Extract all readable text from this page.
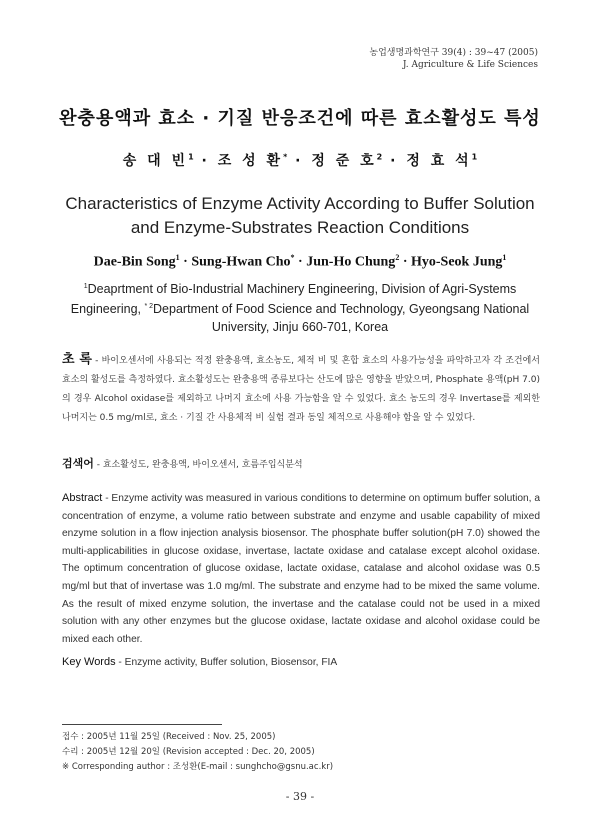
농업생명과학연구 39(4) : 39~47 (2005)
J. Agriculture & Life Sciences
완충용액과 효소 · 기질 반응조건에 따른 효소활성도 특성
송 대 빈$^1$ · 조 성 환* · 정 준 호$^2$ · 정 효 석$^1$
Characteristics of Enzyme Activity According to Buffer Solution
and Enzyme-Substrates Reaction Conditions
Dae-Bin Song$^1$ · Sung-Hwan Cho* · Jun-Ho Chung$^2$ · Hyo-Seok Jung$^1$
$^1$Deaprtment of Bio-Industrial Machinery Engineering, Division of Agri-Systems Engineering, $^{* 2}$Department of Food Science and Technology, Gyeongsang National University, Jinju 660-701, Korea
초 록 - 바이오센서에 사용되는 적정 완충용액, 효소농도, 체적 비 및 혼합 효소의 사용가능성을 파악하고자 각 조건에서 효소의 활성도를 측정하였다. 효소활성도는 완충용액 종류보다는 산도에 많은 영향을 받았으며, Phosphate 용액(pH 7.0)의 경우 Alcohol oxidase를 제외하고 나머지 효소에 사용 가능함을 알 수 있었다. 효소 농도의 경우 Invertase를 제외한 나머지는 0.5 mg/ml로, 효소 · 기질 간 사용체적 비 실험 결과 동일 체적으로 사용해야 함을 알 수 있었다.
검색어 - 효소활성도, 완충용액, 바이오센서, 흐름주입식분석
Abstract - Enzyme activity was measured in various conditions to determine on optimum buffer solution, a concentration of enzyme, a volume ratio between substrate and enzyme and usable capability of mixed enzyme solution in a flow injection analysis biosensor. The phosphate buffer solution(pH 7.0) showed the multi-applicabilities in glucose oxidase, invertase, lactate oxidase and catalase except alcohol oxidase. The optimum concentration of glucose oxidase, lactate oxidase, catalase and alcohol oxidase was 0.5 mg/ml but that of invertase was 1.0 mg/ml. The substrate and enzyme had to be mixed the same volume. As the result of mixed enzyme solution, the invertase and the catalase could not be used in a mixed solution with any other enzymes but the glucose oxidase, lactate oxidase and alcohol oxidase could be mixed each other.
Key Words - Enzyme activity, Buffer solution, Biosensor, FIA
접수 : 2005년 11월 25일 (Received : Nov. 25, 2005)
수리 : 2005년 12월 20일 (Revision accepted : Dec. 20, 2005)
※ Corresponding author : 조성환(E-mail : sunghcho@gsnu.ac.kr)
- 39 -
